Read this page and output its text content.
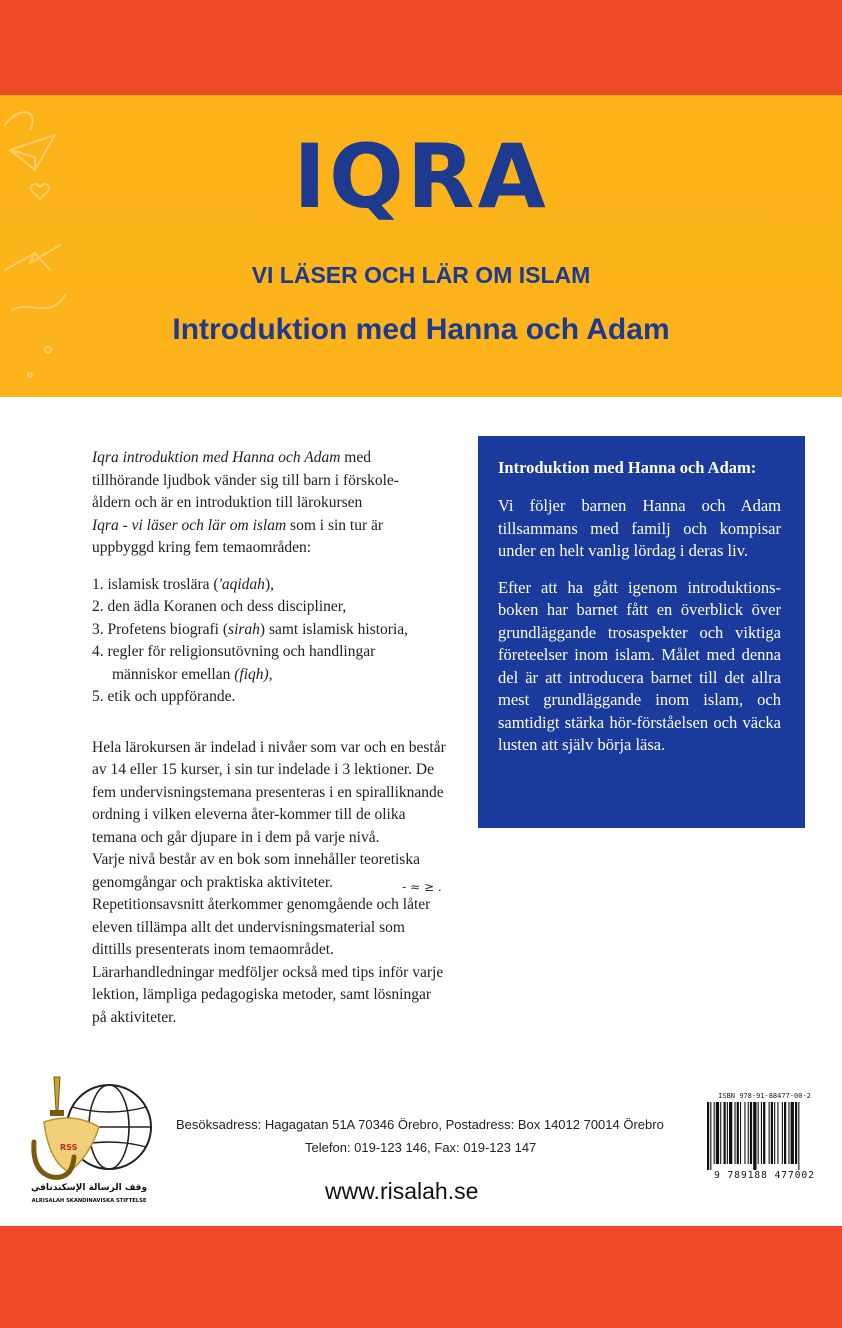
IQRA
VI LÄSER OCH LÄR OM ISLAM
Introduktion med Hanna och Adam

Iqra introduktion med Hanna och Adam med
tillhörande ljudbok vänder sig till barn i förskole-
åldern och är en introduktion till lärokursen
Iqra - vi läser och lär om islam som i sin tur är
uppbyggd kring fem temaområden:

1. islamisk troslära ('aqidah),
2. den ädla Koranen och dess discipliner,
3. Profetens biografi (sirah) samt islamisk historia,
4. regler för religionsutövning och handlingar
människor emellan (fiqh),
5. etik och uppförande.

Hela lärokursen är indelad i nivåer som var och en består av 14 eller 15 kurser, i sin tur indelade i 3 lektioner. De fem undervisningstemana presenteras i en spiralliknande ordning i vilken eleverna åter-kommer till de olika temana och går djupare in i dem på varje nivå.

Varje nivå består av en bok som innehåller teoretiska genomgångar och praktiska aktiviteter. Repetitionsavsnitt återkommer genomgående och låter eleven tillämpa allt det undervisningsmaterial som dittills presenterats inom temaområdet. Lärarhandledningar medföljer också med tips inför varje lektion, lämpliga pedagogiska metoder, samt lösningar på aktiviteter.

- ≈ ≥ .
Introduktion med Hanna och Adam:

Vi följer barnen Hanna och Adam tillsammans med familj och kompisar under en helt vanlig lördag i deras liv.

Efter att ha gått igenom introduktions-boken har barnet fått en överblick över grundläggande trosaspekter och viktiga företeelser inom islam. Målet med denna del är att introducera barnet till det allra mest grundläggande inom islam, och samtidigt stärka hör-förståelsen och väcka lusten att själv börja läsa.

RSS
وقف الرسالة الإسكندنافي
ALRISALAH SKANDINAVISKA STIFTELSE
Besöksadress: Hagagatan 51A 70346 Örebro, Postadress: Box 14012 70014 Örebro
Telefon: 019-123 146, Fax: 019-123 147
www.risalah.se
ISBN 978-91-88477-00-2
9 789188 477002
